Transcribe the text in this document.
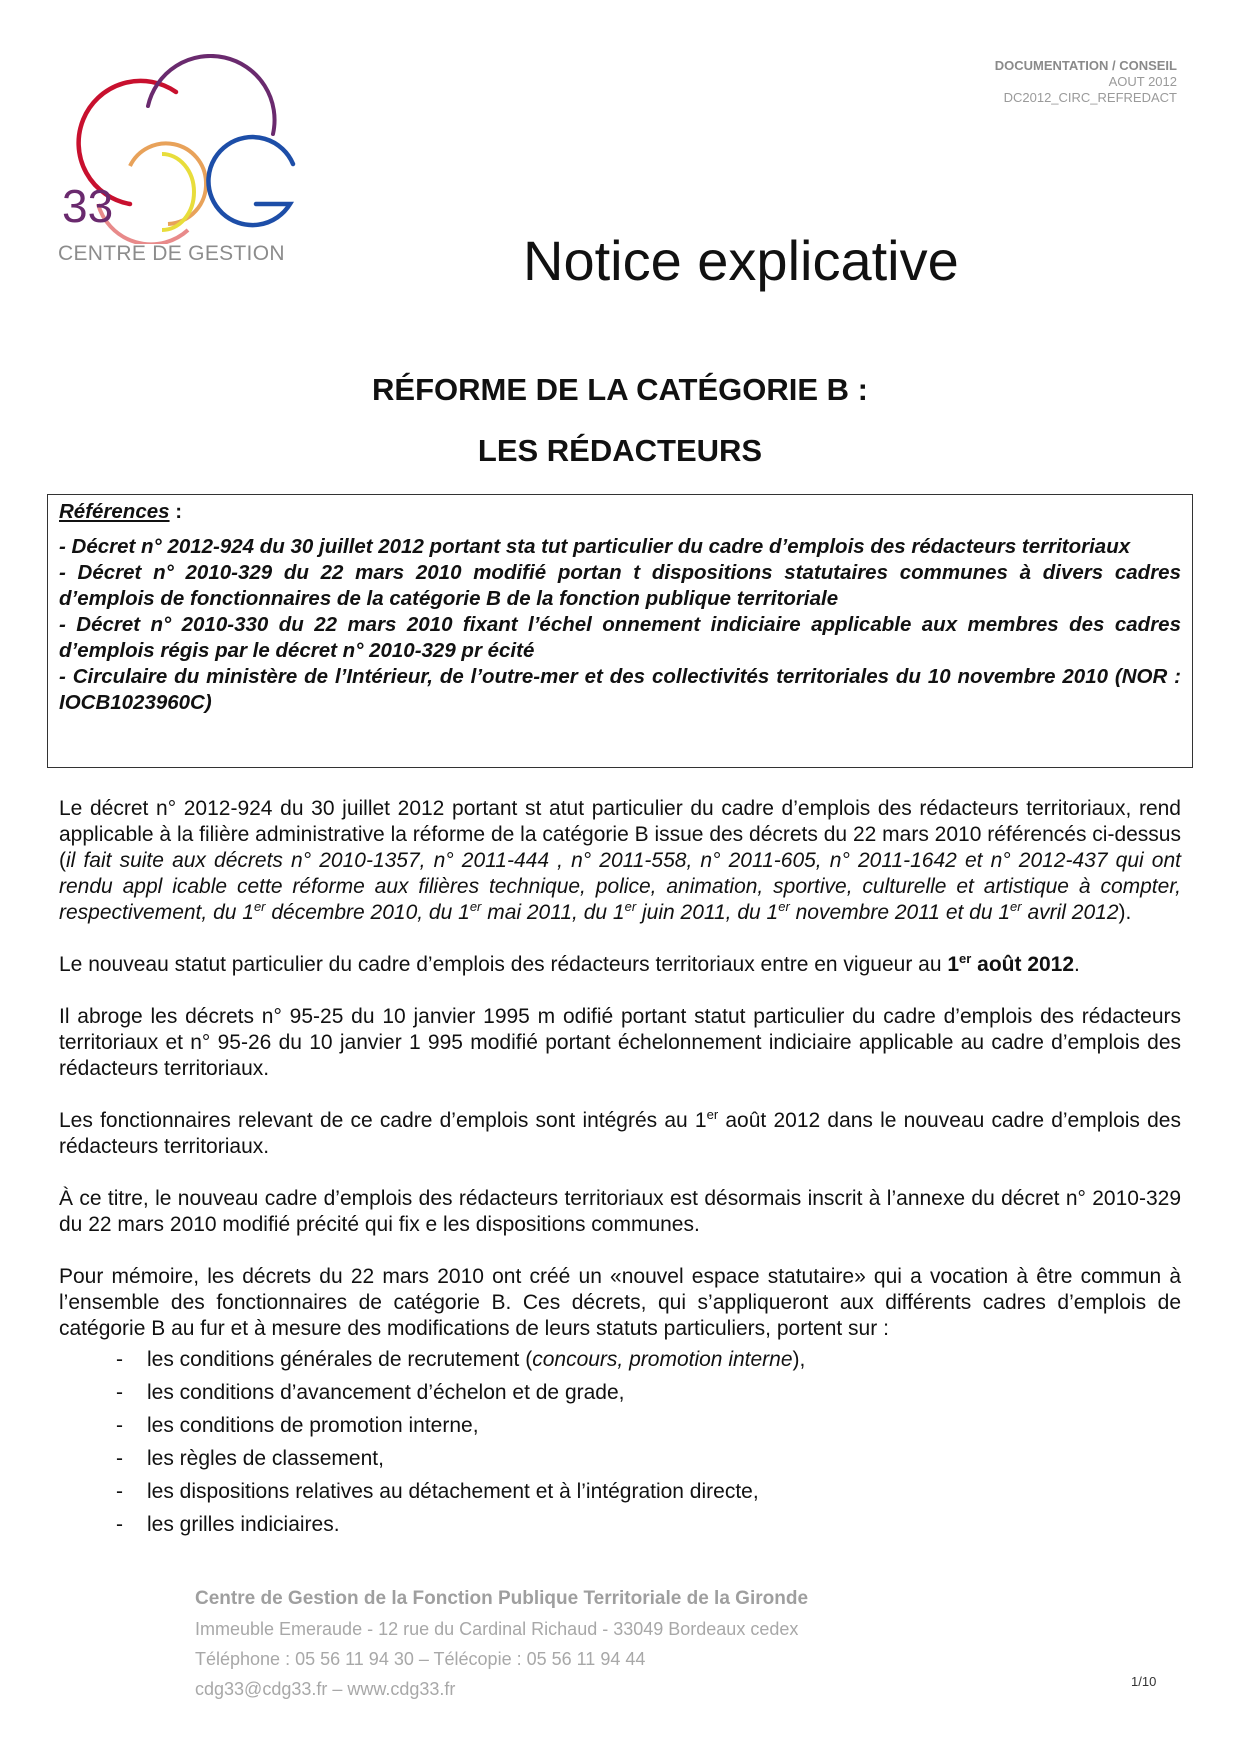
33
CENTRE DE GESTION
DOCUMENTATION / CONSEIL
AOUT 2012
DC2012_CIRC_REFREDACT
Notice explicative
RÉFORME DE LA CATÉGORIE B :
LES RÉDACTEURS
Références :
- Décret n° 2012-924 du 30 juillet 2012 portant sta tut particulier du cadre d’emplois des rédacteurs territoriaux
- Décret n° 2010-329 du 22 mars 2010 modifié portan t dispositions statutaires communes à divers cadres d’emplois de fonctionnaires de la catégorie B de la fonction publique territoriale
- Décret n° 2010-330 du 22 mars 2010 fixant l’échel onnement indiciaire applicable aux membres des cadres d’emplois régis par le décret n° 2010-329 pr écité
- Circulaire du ministère de l’Intérieur, de l’outre-mer et des collectivités territoriales du 10 novembre 2010 (NOR : IOCB1023960C)

Le décret n° 2012-924 du 30 juillet 2012 portant st atut particulier du cadre d’emplois des rédacteurs territoriaux, rend applicable à la filière administrative la réforme de la catégorie B issue des décrets du 22 mars 2010 référencés ci-dessus (il fait suite aux décrets n° 2010-1357, n° 2011-444 , n° 2011-558, n° 2011-605, n° 2011-1642 et n° 2012-437 qui ont rendu appl icable cette réforme aux filières technique, police, animation, sportive, culturelle et artistique à compter, respectivement, du 1er décembre 2010, du 1er mai 2011, du 1er juin 2011, du 1er novembre 2011 et du 1er avril 2012).

Le nouveau statut particulier du cadre d’emplois des rédacteurs territoriaux entre en vigueur au 1er août 2012.

Il abroge les décrets n° 95-25 du 10 janvier 1995 m odifié portant statut particulier du cadre d’emplois des rédacteurs territoriaux et n° 95-26 du 10 janvier 1 995 modifié portant échelonnement indiciaire applicable au cadre d’emplois des rédacteurs territoriaux.

Les fonctionnaires relevant de ce cadre d’emplois sont intégrés au 1er août 2012 dans le nouveau cadre d’emplois des rédacteurs territoriaux.

À ce titre, le nouveau cadre d’emplois des rédacteurs territoriaux est désormais inscrit à l’annexe du décret n° 2010-329 du 22 mars 2010 modifié précité qui fix e les dispositions communes.

Pour mémoire, les décrets du 22 mars 2010 ont créé un «nouvel espace statutaire» qui a vocation à être commun à l’ensemble des fonctionnaires de catégorie B. Ces décrets, qui s’appliqueront aux différents cadres d’emplois de catégorie B au fur et à mesure des modifications de leurs statuts particuliers, portent sur :

- les conditions générales de recrutement (concours, promotion interne),
- les conditions d’avancement d’échelon et de grade,
- les conditions de promotion interne,
- les règles de classement,
- les dispositions relatives au détachement et à l’intégration directe,
- les grilles indiciaires.
Centre de Gestion de la Fonction Publique Territoriale de la Gironde
Immeuble Emeraude - 12 rue du Cardinal Richaud - 33049 Bordeaux cedex
Téléphone : 05 56 11 94 30 – Télécopie : 05 56 11 94 44
cdg33@cdg33.fr – www.cdg33.fr	1/10
